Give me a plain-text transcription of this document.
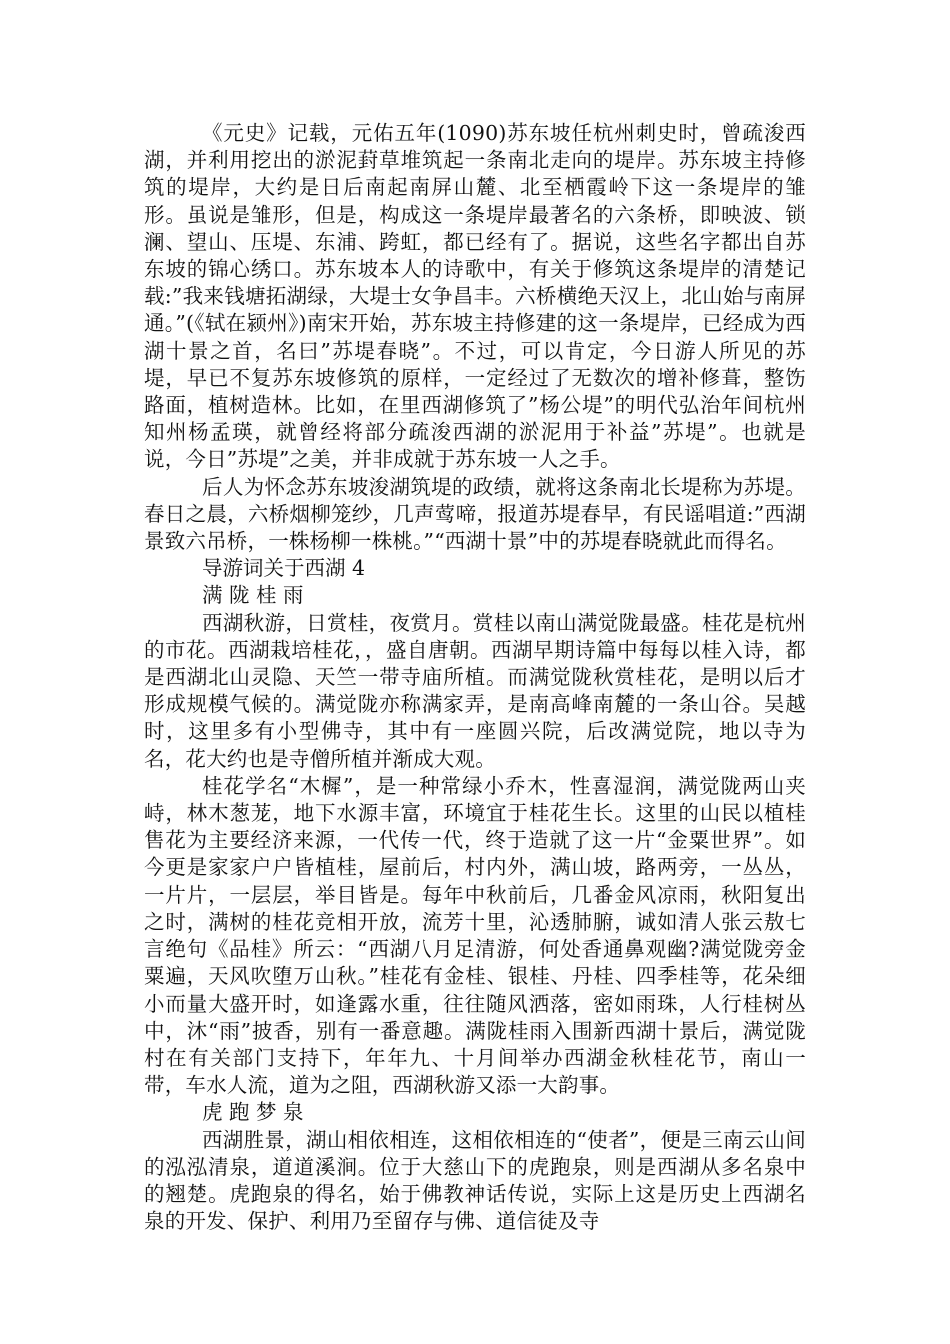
《元史》记载，元佑五年(1090)苏东坡任杭州刺史时，曾疏浚西湖，并利用挖出的淤泥葑草堆筑起一条南北走向的堤岸。苏东坡主持修筑的堤岸，大约是日后南起南屏山麓、北至栖霞岭下这一条堤岸的雏形。虽说是雏形，但是，构成这一条堤岸最著名的六条桥，即映波、锁澜、望山、压堤、东浦、跨虹，都已经有了。据说，这些名字都出自苏东坡的锦心绣口。苏东坡本人的诗歌中，有关于修筑这条堤岸的清楚记载:”我来钱塘拓湖绿，大堤士女争昌丰。六桥横绝天汉上，北山始与南屏通。”(《轼在颍州》)南宋开始，苏东坡主持修建的这一条堤岸，已经成为西湖十景之首，名曰”苏堤春晓”。不过，可以肯定，今日游人所见的苏堤，早已不复苏东坡修筑的原样，一定经过了无数次的增补修葺，整饬路面，植树造林。比如，在里西湖修筑了”杨公堤”的明代弘治年间杭州知州杨孟瑛，就曾经将部分疏浚西湖的淤泥用于补益”苏堤”。也就是说，今日”苏堤”之美，并非成就于苏东坡一人之手。

后人为怀念苏东坡浚湖筑堤的政绩，就将这条南北长堤称为苏堤。春日之晨，六桥烟柳笼纱，几声莺啼，报道苏堤春早，有民谣唱道:”西湖景致六吊桥，一株杨柳一株桃。”“西湖十景”中的苏堤春晓就此而得名。

导游词关于西湖 4

满 陇 桂 雨

西湖秋游，日赏桂，夜赏月。赏桂以南山满觉陇最盛。桂花是杭州的市花。西湖栽培桂花，，盛自唐朝。西湖早期诗篇中每每以桂入诗，都是西湖北山灵隐、天竺一带寺庙所植。而满觉陇秋赏桂花，是明以后才形成规模气候的。满觉陇亦称满家弄，是南高峰南麓的一条山谷。吴越时，这里多有小型佛寺，其中有一座圆兴院，后改满觉院，地以寺为名，花大约也是寺僧所植并渐成大观。

桂花学名“木樨”，是一种常绿小乔木，性喜湿润，满觉陇两山夹峙，林木葱茏，地下水源丰富，环境宜于桂花生长。这里的山民以植桂售花为主要经济来源，一代传一代，终于造就了这一片“金粟世界”。如今更是家家户户皆植桂，屋前后，村内外，满山坡，路两旁，一丛丛，一片片，一层层，举目皆是。每年中秋前后，几番金风凉雨，秋阳复出之时，满树的桂花竞相开放，流芳十里，沁透肺腑，诚如清人张云敖七言绝句《品桂》所云：“西湖八月足清游，何处香通鼻观幽?满觉陇旁金粟遍，天风吹堕万山秋。”桂花有金桂、银桂、丹桂、四季桂等，花朵细小而量大盛开时，如逢露水重，往往随风洒落，密如雨珠，人行桂树丛中，沐“雨”披香，别有一番意趣。满陇桂雨入围新西湖十景后，满觉陇村在有关部门支持下，年年九、十月间举办西湖金秋桂花节，南山一带，车水人流，道为之阻，西湖秋游又添一大韵事。

虎 跑 梦 泉

西湖胜景，湖山相依相连，这相依相连的“使者”，便是三南云山间的泓泓清泉，道道溪涧。位于大慈山下的虎跑泉，则是西湖从多名泉中的翘楚。虎跑泉的得名，始于佛教神话传说，实际上这是历史上西湖名泉的开发、保护、利用乃至留存与佛、道信徒及寺
